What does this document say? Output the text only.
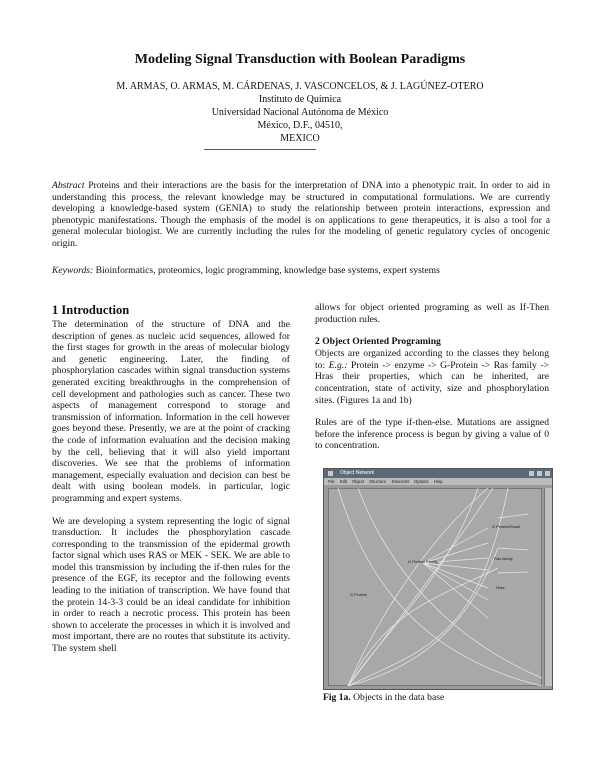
Modeling Signal Transduction with Boolean Paradigms
M. ARMAS, O. ARMAS, M. CÁRDENAS, J. VASCONCELOS, & J. LAGÚNEZ-OTERO
Instituto de Química
Universidad Nacional Autónoma de México
México, D.F., 04510,
MEXICO
Abstract Proteins and their interactions are the basis for the interpretation of DNA into a phenotypic trait. In order to aid in understanding this process, the relevant knowledge may be structured in computational formulations. We are currently developing a knowledge-based system (GENIA) to study the relationship between protein interactions, expression and phenotypic manifestations. Though the emphasis of the model is on applications to gene therapeutics, it is also a tool for a general molecular biologist. We are currently including the rules for the modeling of genetic regulatory cycles of oncogenic origin.
Keywords: Bioinformatics, proteomics, logic programming, knowledge base systems, expert systems
1 Introduction

The determination of the structure of DNA and the description of genes as nucleic acid sequences, allowed for the first stages for growth in the areas of molecular biology and genetic engineering. Later, the finding of phosphorylation cascades within signal transduction systems generated exciting breakthroughs in the comprehension of cell development and pathologies such as cancer. These two aspects of management correspond to storage and transmission of information. Information in the cell however goes beyond these. Presently, we are at the point of cracking the code of information evaluation and the decision making by the cell, believing that it will also yield important discoveries. We see that the problems of information management, especially evaluation and decision can best be dealt with using boolean models. in particular, logic programming and expert systems.

We are developing a system representing the logic of signal transduction. It includes the phosphorylation cascade corresponding to the transmission of the epidermal growth factor signal which uses RAS or MEK - SEK. We are able to model this transmission by including the if-then rules for the presence of the EGF, its receptor and the following events leading to the initiation of transcription. We have found that the protein 14-3-3 could be an ideal candidate for inhibition in order to reach a necrotic process. This protein has been shown to accelerate the processes in which it is involved and most important, there are no routes that substitute its activity. The system shell

allows for object oriented programing as well as If-Then production rules.

2 Object Oriented Programing

Objects are organized according to the classes they belong to: E.g.: Protein -> enzyme -> G-Protein -> Ras family -> Hras their properties, which can be inherited, are concentration, state of activity, size and phosphorylation sites. (Figures 1a and 1b)

Rules are of the type if-then-else. Mutations are assigned before the inference process is begun by giving a value of 0 to concentration.

Object Network
File Edit Object Structure Elements Options Help
G Protein
G Protein Family
G Protein/Small
Ras family
Hras
Fig 1a. Objects in the data base
